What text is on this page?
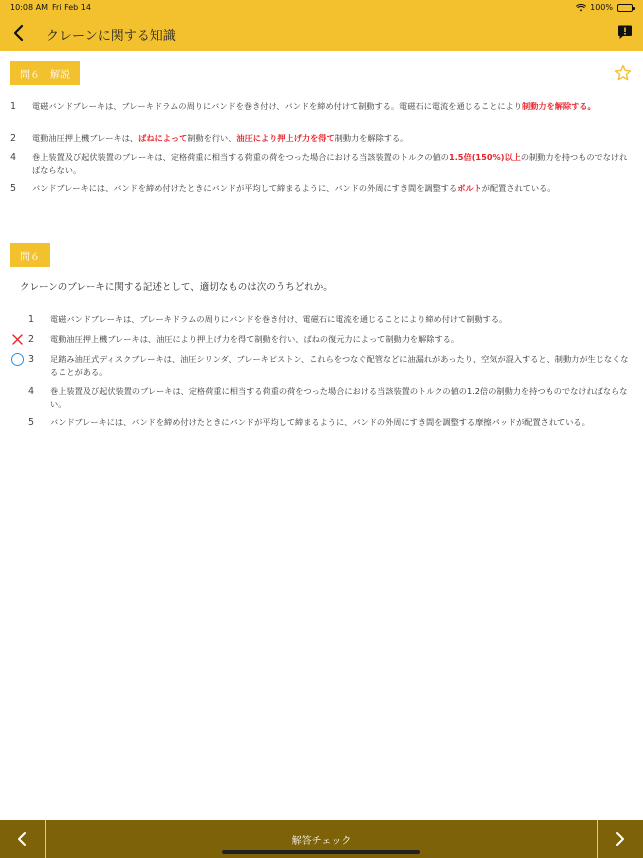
10:08 AM Fri Feb 14	100%
クレーンに関する知識
問６　解説
1	電磁バンドブレーキは、ブレーキドラムの周りにバンドを巻き付け、バンドを締め付けて制動する。電磁石に電流を通じることにより制動力を解除する。
2	電動油圧押上機ブレーキは、ばねによって制動を行い、油圧により押上げ力を得て制動力を解除する。
4	巻上装置及び起伏装置のブレーキは、定格荷重に相当する荷重の荷をつった場合における当該装置のトルクの値の1.5倍(150%)以上の制動力を持つものでなければならない。
5	バンドブレーキには、バンドを締め付けたときにバンドが平均して締まるように、バンドの外周にすき間を調整するボルトが配置されている。
問６
クレーンのブレーキに関する記述として、適切なものは次のうちどれか。
1	電磁バンドブレーキは、ブレーキドラムの周りにバンドを巻き付け、電磁石に電流を通じることにより締め付けて制動する。
2	電動油圧押上機ブレーキは、油圧により押上げ力を得て制動を行い、ばねの復元力によって制動力を解除する。
3	足踏み油圧式ディスクブレーキは、油圧シリンダ、ブレーキピストン、これらをつなぐ配管などに油漏れがあったり、空気が混入すると、制動力が生じなくなることがある。
4	巻上装置及び起伏装置のブレーキは、定格荷重に相当する荷重の荷をつった場合における当該装置のトルクの値の1.2倍の制動力を持つものでなければならない。
5	バンドブレーキには、バンドを締め付けたときにバンドが平均して締まるように、バンドの外周にすき間を調整する摩擦パッドが配置されている。
解答チェック
